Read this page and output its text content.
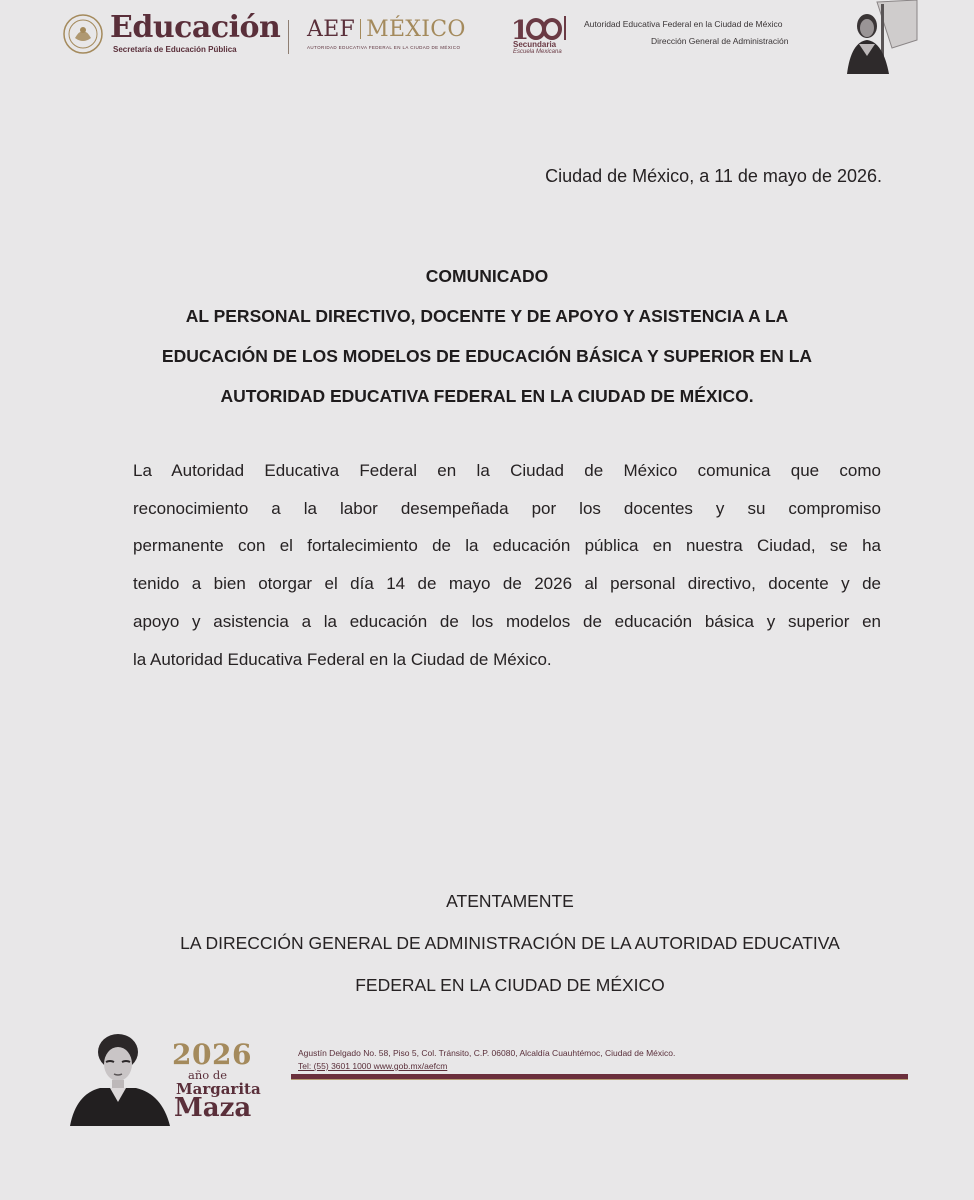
Educación
Secretaría de Educación Pública
AEF MÉXICO
AUTORIDAD EDUCATIVA FEDERAL EN LA CIUDAD DE MÉXICO
1
Secundaria
Escuela Mexicana
Autoridad Educativa Federal en la Ciudad de México
Dirección General de Administración
Ciudad de México, a 11 de mayo de 2026.
COMUNICADO
AL PERSONAL DIRECTIVO, DOCENTE Y DE APOYO Y ASISTENCIA A LA
EDUCACIÓN DE LOS MODELOS DE EDUCACIÓN BÁSICA Y SUPERIOR EN LA
AUTORIDAD EDUCATIVA FEDERAL EN LA CIUDAD DE MÉXICO.
La Autoridad Educativa Federal en la Ciudad de México comunica que como
reconocimiento a la labor desempeñada por los docentes y su compromiso
permanente con el fortalecimiento de la educación pública en nuestra Ciudad, se ha
tenido a bien otorgar el día 14 de mayo de 2026 al personal directivo, docente y de
apoyo y asistencia a la educación de los modelos de educación básica y superior en
la Autoridad Educativa Federal en la Ciudad de México.
ATENTAMENTE
LA DIRECCIÓN GENERAL DE ADMINISTRACIÓN DE LA AUTORIDAD EDUCATIVA
FEDERAL EN LA CIUDAD DE MÉXICO
2026
año de
Margarita
Maza
Agustín Delgado No. 58, Piso 5, Col. Tránsito, C.P. 06080, Alcaldía Cuauhtémoc, Ciudad de México.
Tel: (55) 3601 1000 www.gob.mx/aefcm
